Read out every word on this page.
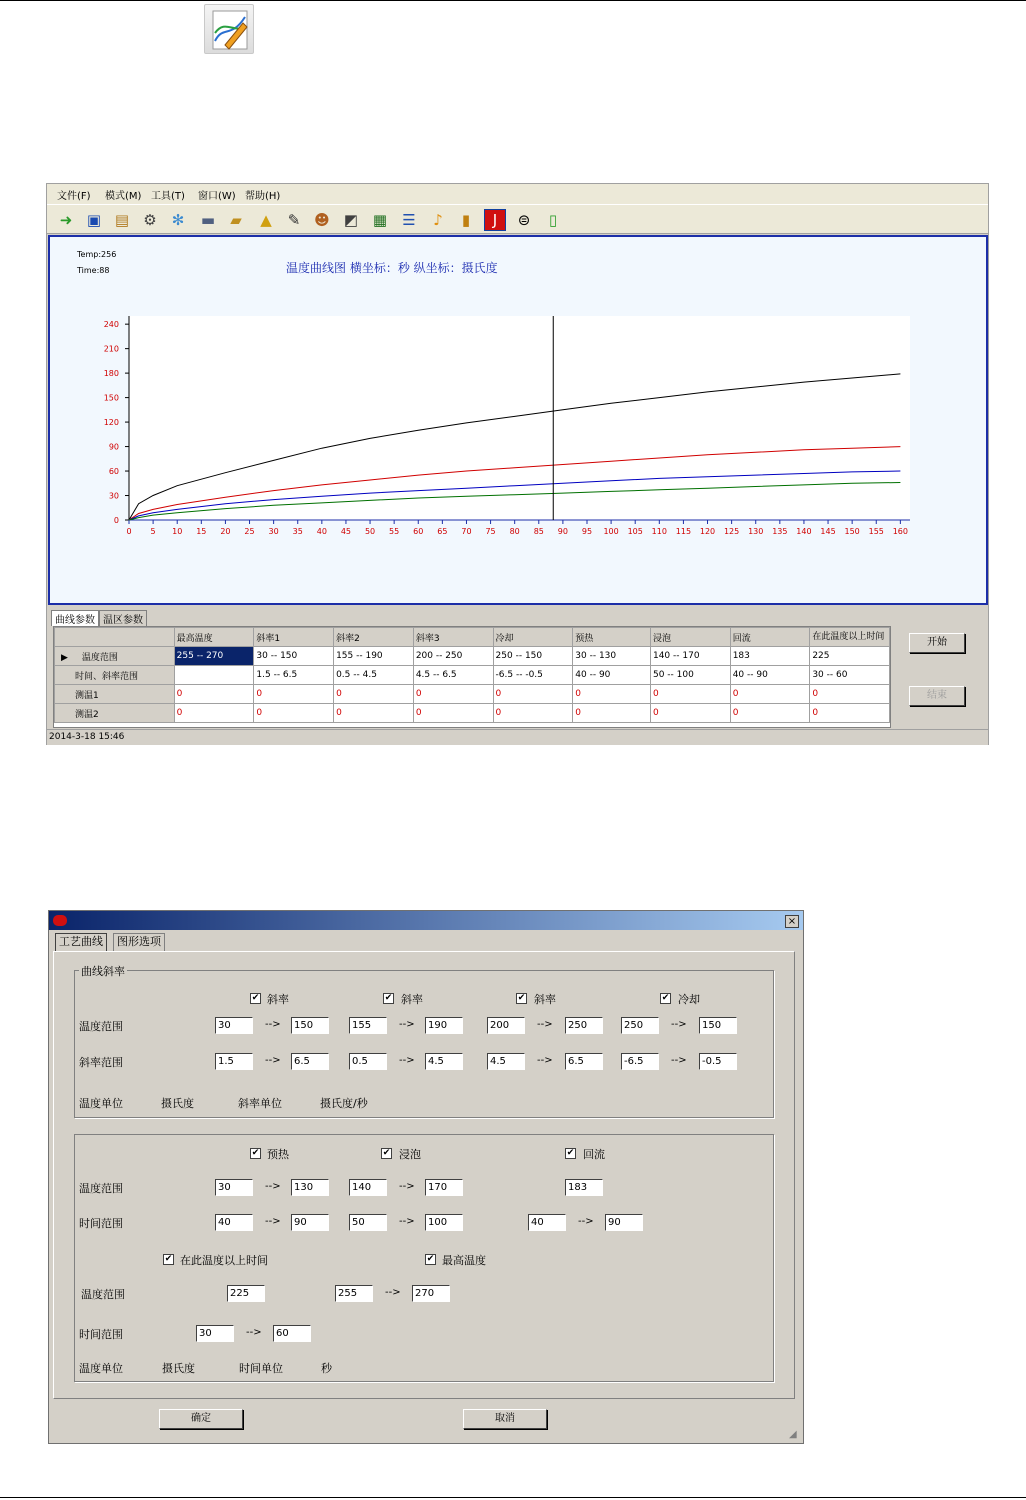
文件(F) 模式(M) 工具(T) 窗口(W) 帮助(H)
➜ ▣ ▤ ⚙ ✻	▬	▰	▲	✎ ☻ ◩ ▦ ☰	♪	▮	J	⊜	▯
Temp:256
Time:88	温度曲线图 横坐标：秒 纵坐标：摄氏度
0
30
60
90
120
150
180
210
240
0 5 10 15 20 25 30 35 40 45 50 55 60 65 70 75 80 85 90 95 100 105 110 115 120 125 130 135 140 145 150 155 160
曲线参数 温区参数
	最高温度	斜率1	斜率2	斜率3	冷却	预热	浸泡	回流	在此温度以上时间
▶ 温度范围	255 -- 270	30 -- 150	155 -- 190	200 -- 250	250 -- 150	30 -- 130	140 -- 170	183	225
时间、斜率范围		1.5 -- 6.5	0.5 -- 4.5	4.5 -- 6.5	-6.5 -- -0.5	40 -- 90	50 -- 100	40 -- 90	30 -- 60
测温1	0	0	0	0	0	0	0	0	0
测温2	0	0	0	0	0	0	0	0	0
开始
结束
2014-3-18 15:46
×
工艺曲线	图形选项
曲线斜率
✔ 斜率	✔ 斜率	✔ 斜率	✔ 冷却
温度范围	30	-->	150	155	-->	190	200	-->	250	250	-->	150
斜率范围	1.5	-->	6.5	0.5	-->	4.5	4.5	-->	6.5	-6.5	-->	-0.5
温度单位	摄氏度	斜率单位	摄氏度/秒
✔ 预热	✔ 浸泡	✔ 回流
温度范围	30	-->	130	140	-->	170	183
时间范围	40	-->	90	50	-->	100	40	-->	90
✔ 在此温度以上时间	✔ 最高温度
温度范围	225	255	-->	270
时间范围	30	-->	60
温度单位	摄氏度	时间单位	秒
确定	取消
◢
